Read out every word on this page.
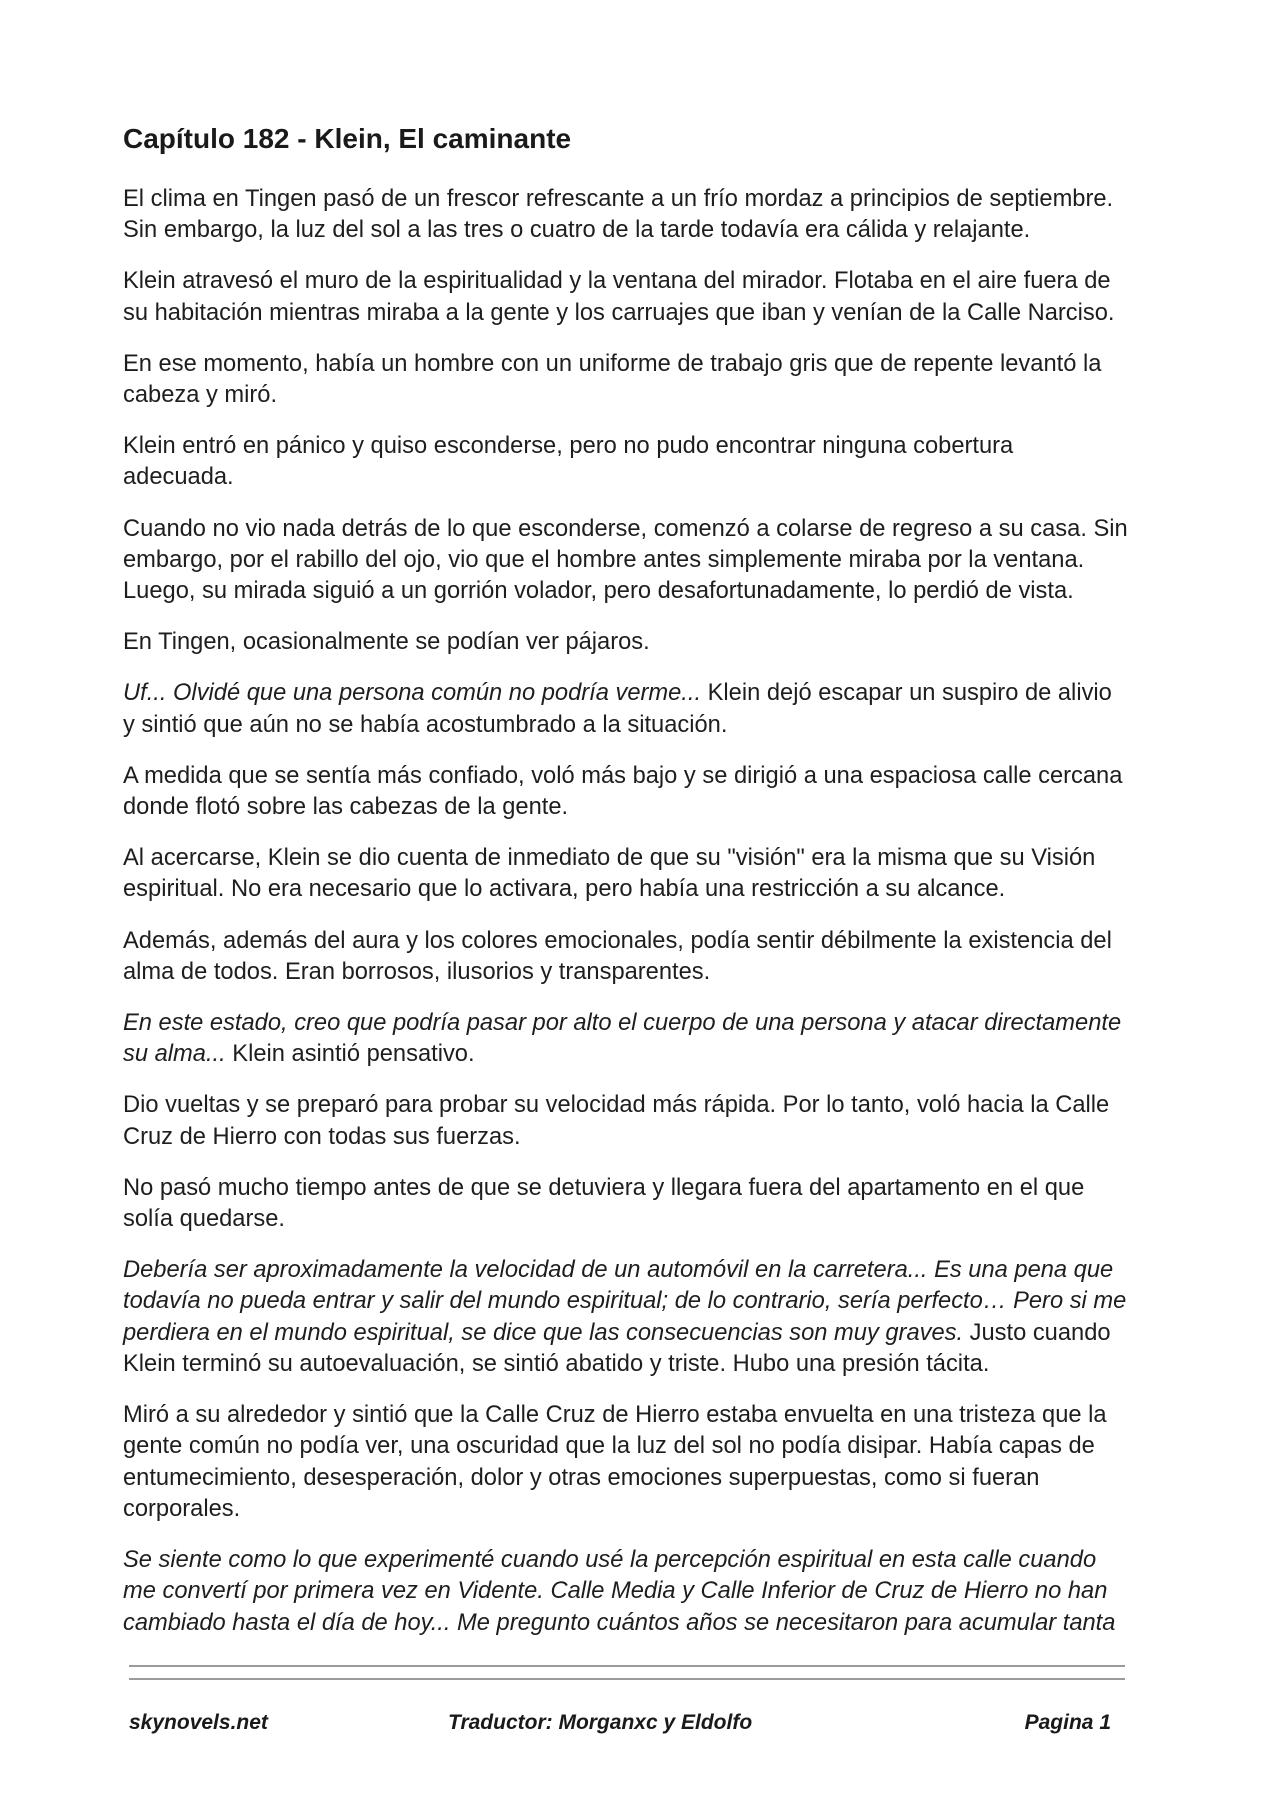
Capítulo 182 - Klein, El caminante

El clima en Tingen pasó de un frescor refrescante a un frío mordaz a principios de septiembre.
Sin embargo, la luz del sol a las tres o cuatro de la tarde todavía era cálida y relajante.

Klein atravesó el muro de la espiritualidad y la ventana del mirador. Flotaba en el aire fuera de
su habitación mientras miraba a la gente y los carruajes que iban y venían de la Calle Narciso.

En ese momento, había un hombre con un uniforme de trabajo gris que de repente levantó la
cabeza y miró.

Klein entró en pánico y quiso esconderse, pero no pudo encontrar ninguna cobertura
adecuada.

Cuando no vio nada detrás de lo que esconderse, comenzó a colarse de regreso a su casa. Sin
embargo, por el rabillo del ojo, vio que el hombre antes simplemente miraba por la ventana.
Luego, su mirada siguió a un gorrión volador, pero desafortunadamente, lo perdió de vista.

En Tingen, ocasionalmente se podían ver pájaros.

Uf... Olvidé que una persona común no podría verme... Klein dejó escapar un suspiro de alivio
y sintió que aún no se había acostumbrado a la situación.

A medida que se sentía más confiado, voló más bajo y se dirigió a una espaciosa calle cercana
donde flotó sobre las cabezas de la gente.

Al acercarse, Klein se dio cuenta de inmediato de que su "visión" era la misma que su Visión
espiritual. No era necesario que lo activara, pero había una restricción a su alcance.

Además, además del aura y los colores emocionales, podía sentir débilmente la existencia del
alma de todos. Eran borrosos, ilusorios y transparentes.

En este estado, creo que podría pasar por alto el cuerpo de una persona y atacar directamente
su alma... Klein asintió pensativo.

Dio vueltas y se preparó para probar su velocidad más rápida. Por lo tanto, voló hacia la Calle
Cruz de Hierro con todas sus fuerzas.

No pasó mucho tiempo antes de que se detuviera y llegara fuera del apartamento en el que
solía quedarse.

Debería ser aproximadamente la velocidad de un automóvil en la carretera... Es una pena que
todavía no pueda entrar y salir del mundo espiritual; de lo contrario, sería perfecto… Pero si me
perdiera en el mundo espiritual, se dice que las consecuencias son muy graves. Justo cuando
Klein terminó su autoevaluación, se sintió abatido y triste. Hubo una presión tácita.

Miró a su alrededor y sintió que la Calle Cruz de Hierro estaba envuelta en una tristeza que la
gente común no podía ver, una oscuridad que la luz del sol no podía disipar. Había capas de
entumecimiento, desesperación, dolor y otras emociones superpuestas, como si fueran
corporales.

Se siente como lo que experimenté cuando usé la percepción espiritual en esta calle cuando
me convertí por primera vez en Vidente. Calle Media y Calle Inferior de Cruz de Hierro no han
cambiado hasta el día de hoy... Me pregunto cuántos años se necesitaron para acumular tanta

skynovels.net	Traductor: Morganxc y Eldolfo	Pagina 1
